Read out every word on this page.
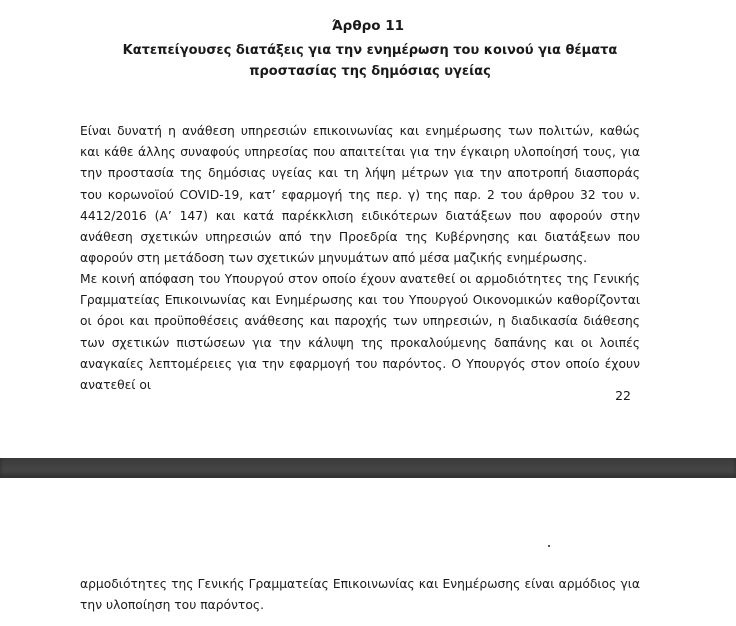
Άρθρο 11
Κατεπείγουσες διατάξεις για την ενημέρωση του κοινού για θέματα προστασίας της δημόσιας υγείας

Είναι δυνατή η ανάθεση υπηρεσιών επικοινωνίας και ενημέρωσης των πολιτών, καθώς και κάθε άλλης συναφούς υπηρεσίας που απαιτείται για την έγκαιρη υλοποίησή τους, για την προστασία της δημόσιας υγείας και τη λήψη μέτρων για την αποτροπή διασποράς του κορωνοϊού COVID-19, κατ’ εφαρμογή της περ. γ) της παρ. 2 του άρθρου 32 του ν. 4412/2016 (Α’ 147) και κατά παρέκκλιση ειδικότερων διατάξεων που αφορούν στην ανάθεση σχετικών υπηρεσιών από την Προεδρία της Κυβέρνησης και διατάξεων που αφορούν στη μετάδοση των σχετικών μηνυμάτων από μέσα μαζικής ενημέρωσης.

Με κοινή απόφαση του Υπουργού στον οποίο έχουν ανατεθεί οι αρμοδιότητες της Γενικής Γραμματείας Επικοινωνίας και Ενημέρωσης και του Υπουργού Οικονομικών καθορίζονται οι όροι και προϋποθέσεις ανάθεσης και παροχής των υπηρεσιών, η διαδικασία διάθεσης των σχετικών πιστώσεων για την κάλυψη της προκαλούμενης δαπάνης και οι λοιπές αναγκαίες λεπτομέρειες για την εφαρμογή του παρόντος. Ο Υπουργός στον οποίο έχουν ανατεθεί οι

22

αρμοδιότητες της Γενικής Γραμματείας Επικοινωνίας και Ενημέρωσης είναι αρμόδιος για την υλοποίηση του παρόντος.
